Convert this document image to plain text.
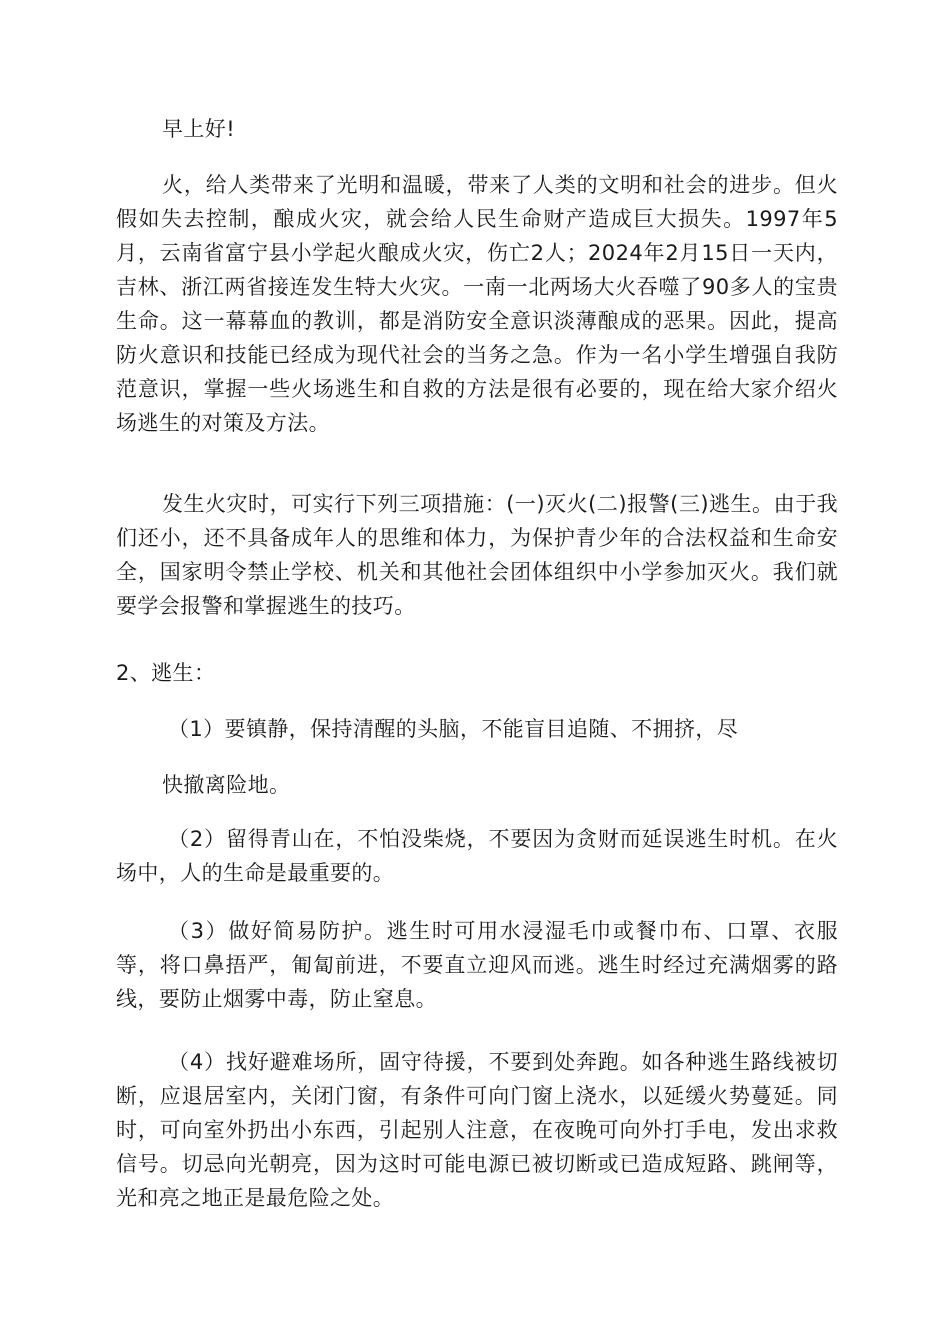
早上好!

火，给人类带来了光明和温暖，带来了人类的文明和社会的进步。但火假如失去控制，酿成火灾，就会给人民生命财产造成巨大损失。1997年5月，云南省富宁县小学起火酿成火灾，伤亡2人；2024年2月15日一天内，吉林、浙江两省接连发生特大火灾。一南一北两场大火吞噬了90多人的宝贵生命。这一幕幕血的教训，都是消防安全意识淡薄酿成的恶果。因此，提高防火意识和技能已经成为现代社会的当务之急。作为一名小学生增强自我防范意识，掌握一些火场逃生和自救的方法是很有必要的，现在给大家介绍火场逃生的对策及方法。

发生火灾时，可实行下列三项措施：(一)灭火(二)报警(三)逃生。由于我们还小，还不具备成年人的思维和体力，为保护青少年的合法权益和生命安全，国家明令禁止学校、机关和其他社会团体组织中小学参加灭火。我们就要学会报警和掌握逃生的技巧。

2、逃生：

（1）要镇静，保持清醒的头脑，不能盲目追随、不拥挤，尽

快撤离险地。

（2）留得青山在，不怕没柴烧，不要因为贪财而延误逃生时机。在火场中，人的生命是最重要的。

（3）做好简易防护。逃生时可用水浸湿毛巾或餐巾布、口罩、衣服等，将口鼻捂严，匍匐前进，不要直立迎风而逃。逃生时经过充满烟雾的路线，要防止烟雾中毒，防止窒息。

（4）找好避难场所，固守待援，不要到处奔跑。如各种逃生路线被切断，应退居室内，关闭门窗，有条件可向门窗上浇水，以延缓火势蔓延。同时，可向室外扔出小东西，引起别人注意，在夜晚可向外打手电，发出求救信号。切忌向光朝亮，因为这时可能电源已被切断或已造成短路、跳闸等，光和亮之地正是最危险之处。
